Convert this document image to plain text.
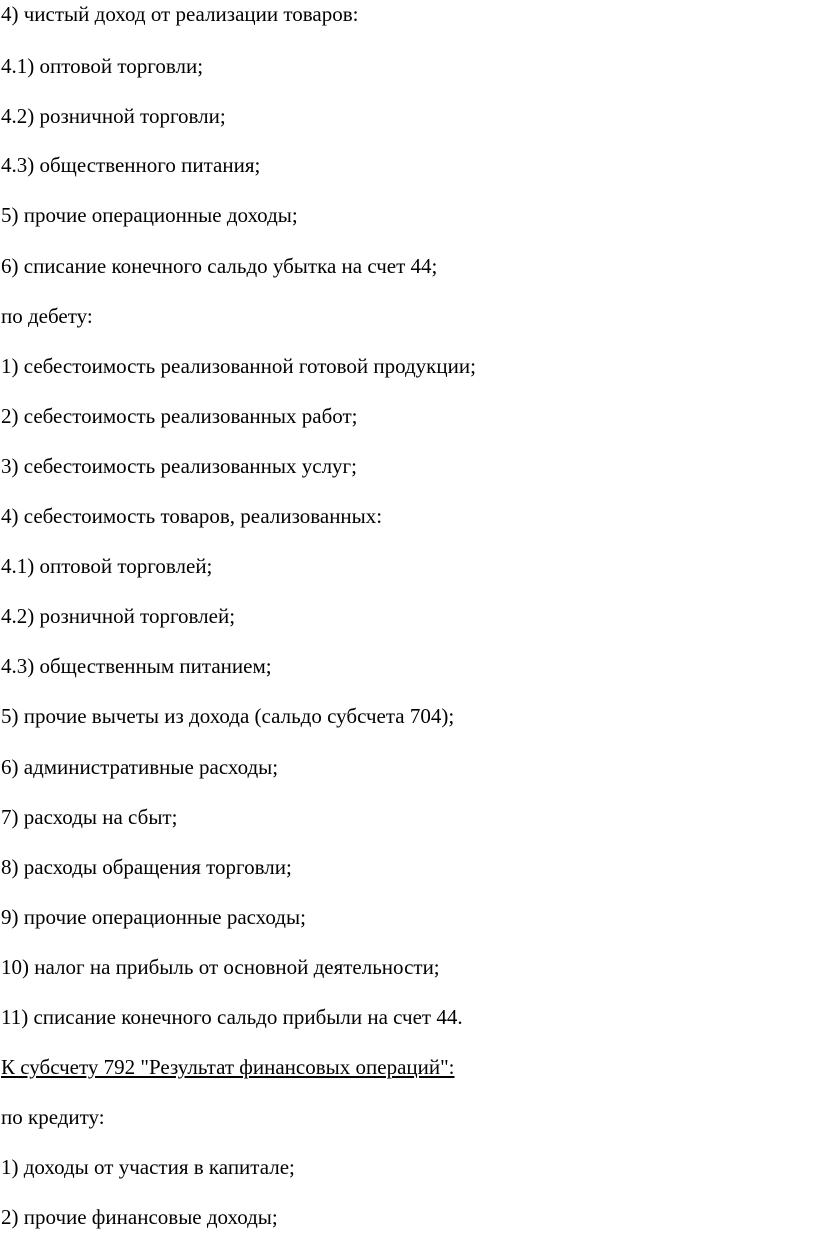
4) чистый доход от реализации товаров:
4.1) оптовой торговли;
4.2) розничной торговли;
4.3) общественного питания;
5) прочие операционные доходы;
6) списание конечного сальдо убытка на счет 44;
по дебету:
1) себестоимость реализованной готовой продукции;
2) себестоимость реализованных работ;
3) себестоимость реализованных услуг;
4) себестоимость товаров, реализованных:
4.1) оптовой торговлей;
4.2) розничной торговлей;
4.3) общественным питанием;
5) прочие вычеты из дохода (сальдо субсчета 704);
6) административные расходы;
7) расходы на сбыт;
8) расходы обращения торговли;
9) прочие операционные расходы;
10) налог на прибыль от основной деятельности;
11) списание конечного сальдо прибыли на счет 44.
К субсчету 792 "Результат финансовых операций":
по кредиту:
1) доходы от участия в капитале;
2) прочие финансовые доходы;
